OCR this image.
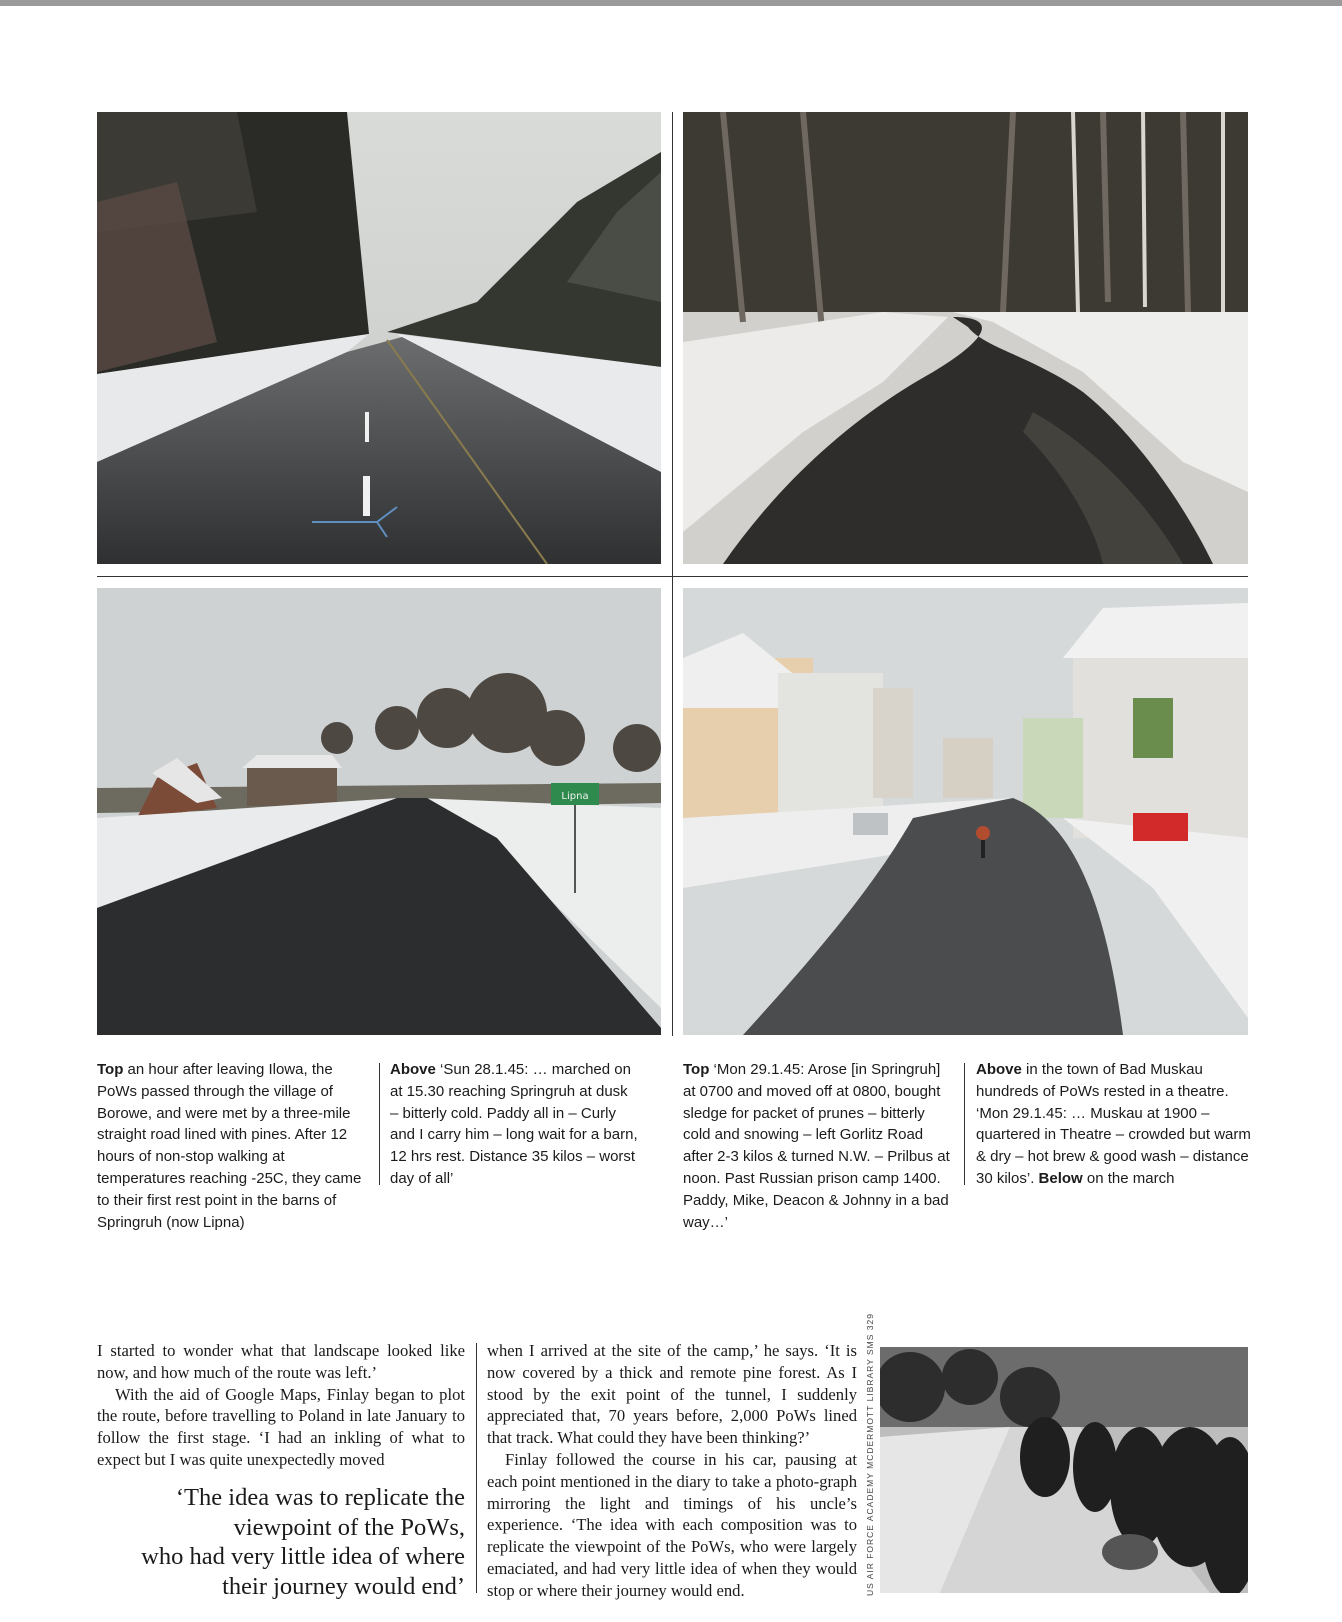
Lipna
Top an hour after leaving Ilowa, the PoWs passed through the village of Borowe, and were met by a three-mile straight road lined with pines. After 12 hours of non-stop walking at temperatures reaching -25C, they came to their first rest point in the barns of Springruh (now Lipna)
Above ‘Sun 28.1.45: … marched on at 15.30 reaching Springruh at dusk – bitterly cold. Paddy all in – Curly and I carry him – long wait for a barn, 12 hrs rest. Distance 35 kilos – worst day of all’
Top ‘Mon 29.1.45: Arose [in Springruh] at 0700 and moved off at 0800, bought sledge for packet of prunes – bitterly cold and snowing – left Gorlitz Road after 2-3 kilos & turned N.W. – Prilbus at noon. Past Russian prison camp 1400. Paddy, Mike, Deacon & Johnny in a bad way…’
Above in the town of Bad Muskau hundreds of PoWs rested in a theatre. ‘Mon 29.1.45: … Muskau at 1900 – quartered in Theatre – crowded but warm & dry – hot brew & good wash – distance 30 kilos’. Below on the march

I started to wonder what that landscape looked like now, and how much of the route was left.’

With the aid of Google Maps, Finlay began to plot the route, before travelling to Poland in late January to follow the first stage. ‘I had an inkling of what to expect but I was quite unexpectedly moved

‘The idea was to replicate the
viewpoint of the PoWs,
who had very little idea of where
their journey would end’

when I arrived at the site of the camp,’ he says. ‘It is now covered by a thick and remote pine forest. As I stood by the exit point of the tunnel, I suddenly appreciated that, 70 years before, 2,000 PoWs lined that track. What could they have been thinking?’

Finlay followed the course in his car, pausing at each point mentioned in the diary to take a photo-graph mirroring the light and timings of his uncle’s experience. ‘The idea with each composition was to replicate the viewpoint of the PoWs, who were largely emaciated, and had very little idea of when they would stop or where their journey would end.	US AIR FORCE ACADEMY MCDERMOTT LIBRARY SMS 329
